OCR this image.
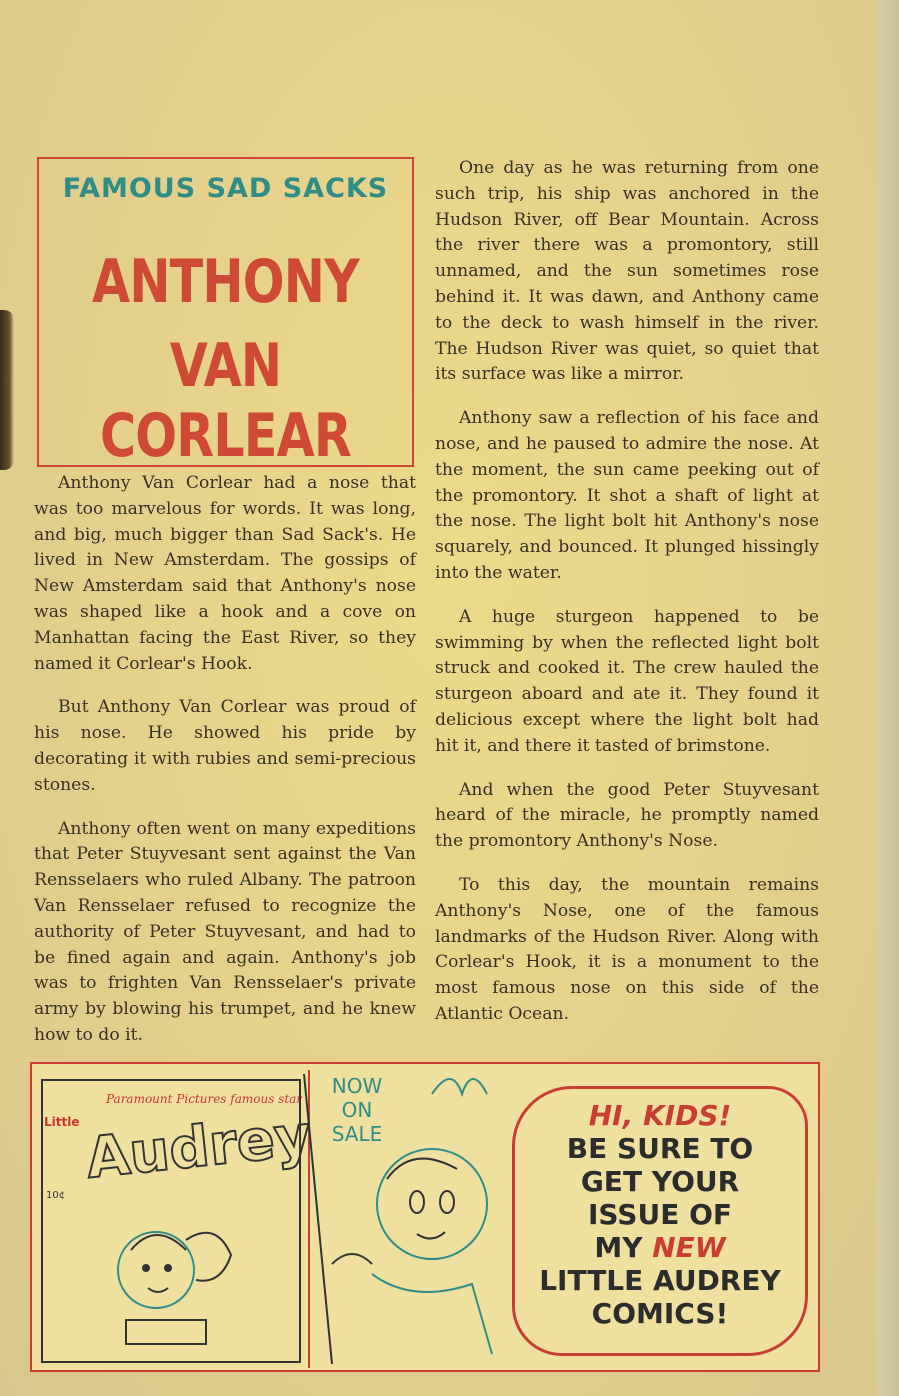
FAMOUS SAD SACKS
ANTHONY
VAN CORLEAR

Anthony Van Corlear had a nose that was too marvelous for words. It was long, and big, much bigger than Sad Sack's. He lived in New Amsterdam. The gossips of New Amsterdam said that Anthony's nose was shaped like a hook and a cove on Manhattan facing the East River, so they named it Corlear's Hook.

But Anthony Van Corlear was proud of his nose. He showed his pride by decorating it with rubies and semi-precious stones.

Anthony often went on many expeditions that Peter Stuyvesant sent against the Van Rensselaers who ruled Albany. The patroon Van Rensselaer refused to recognize the authority of Peter Stuyvesant, and had to be fined again and again. Anthony's job was to frighten Van Rensselaer's private army by blowing his trumpet, and he knew how to do it.

One day as he was returning from one such trip, his ship was anchored in the Hudson River, off Bear Mountain. Across the river there was a promontory, still unnamed, and the sun sometimes rose behind it. It was dawn, and Anthony came to the deck to wash himself in the river. The Hudson River was quiet, so quiet that its surface was like a mirror.

Anthony saw a reflection of his face and nose, and he paused to admire the nose. At the moment, the sun came peeking out of the promontory. It shot a shaft of light at the nose. The light bolt hit Anthony's nose squarely, and bounced. It plunged hissingly into the water.

A huge sturgeon happened to be swimming by when the reflected light bolt struck and cooked it. The crew hauled the sturgeon aboard and ate it. They found it delicious except where the light bolt had hit it, and there it tasted of brimstone.

And when the good Peter Stuyvesant heard of the miracle, he promptly named the promontory Anthony's Nose.

To this day, the mountain remains Anthony's Nose, one of the famous landmarks of the Hudson River. Along with Corlear's Hook, it is a monument to the most famous nose on this side of the Atlantic Ocean.

Paramount Pictures famous star
Little Audrey
10¢
NOW
ON
SALE
HI, KIDS!
BE SURE TO
GET YOUR
ISSUE OF
MY NEW
LITTLE AUDREY
COMICS!
